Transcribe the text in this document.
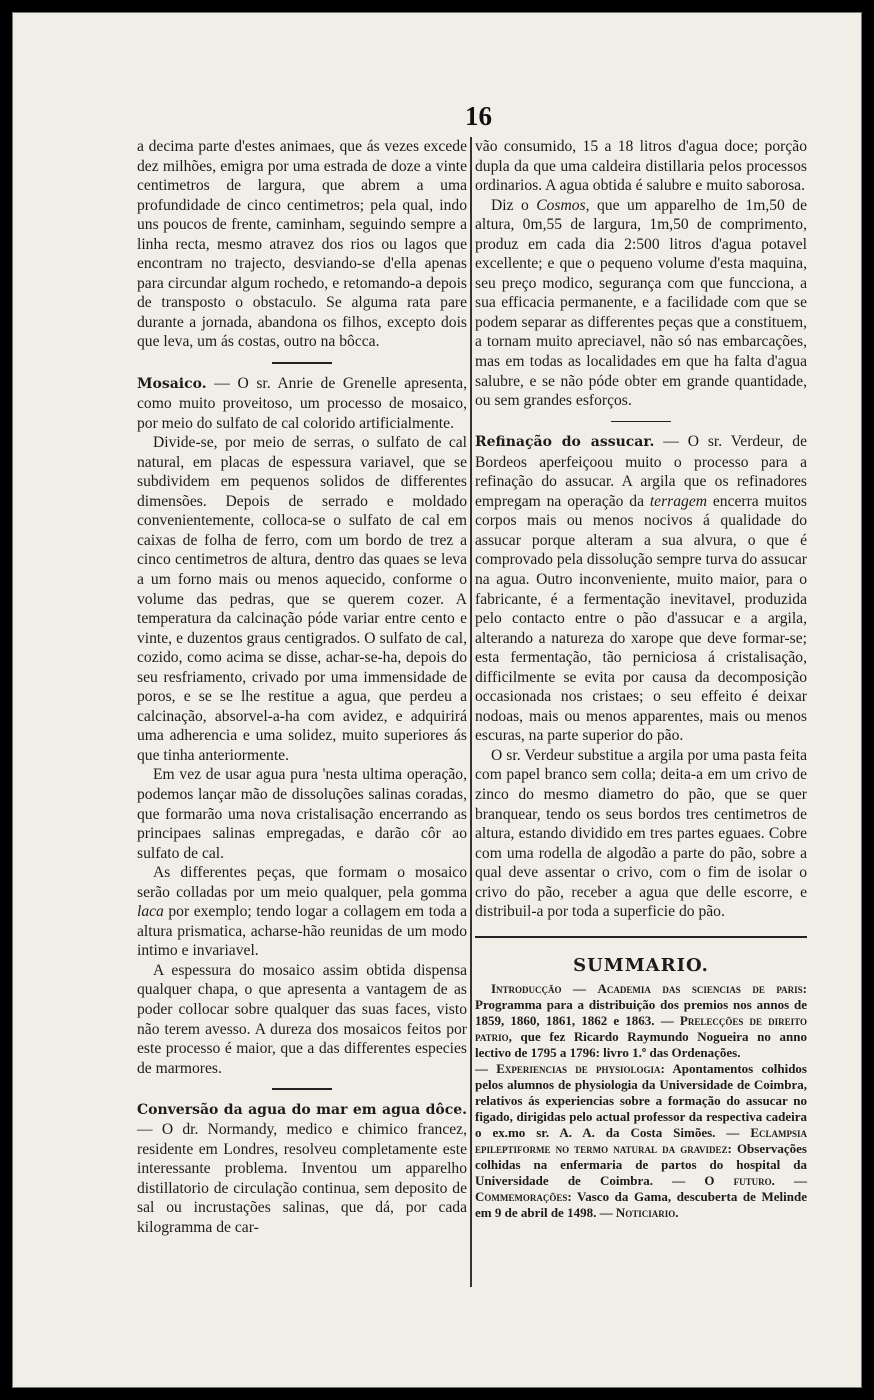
16

a decima parte d'estes animaes, que ás vezes excede dez milhões, emigra por uma estrada de doze a vinte centimetros de largura, que abrem a uma profundidade de cinco centimetros; pela qual, indo uns poucos de frente, caminham, seguindo sempre a linha recta, mesmo atravez dos rios ou lagos que encontram no trajecto, desviando-se d'ella apenas para circundar algum rochedo, e retomando-a depois de transposto o obstaculo. Se alguma rata pare durante a jornada, abandona os filhos, excepto dois que leva, um ás costas, outro na bôcca.

Mosaico. — O sr. Anrie de Grenelle apresenta, como muito proveitoso, um processo de mosaico, por meio do sulfato de cal colorido artificialmente.

Divide-se, por meio de serras, o sulfato de cal natural, em placas de espessura variavel, que se subdividem em pequenos solidos de differentes dimensões. Depois de serrado e moldado convenientemente, colloca-se o sulfato de cal em caixas de folha de ferro, com um bordo de trez a cinco centimetros de altura, dentro das quaes se leva a um forno mais ou menos aquecido, conforme o volume das pedras, que se querem cozer. A temperatura da calcinação póde variar entre cento e vinte, e duzentos graus centigrados. O sulfato de cal, cozido, como acima se disse, achar-se-ha, depois do seu resfriamento, crivado por uma immensidade de poros, e se se lhe restitue a agua, que perdeu a calcinação, absorvel-a-ha com avidez, e adquirirá uma adherencia e uma solidez, muito superiores ás que tinha anteriormente.

Em vez de usar agua pura 'nesta ultima operação, podemos lançar mão de dissoluções salinas coradas, que formarão uma nova cristalisação encerrando as principaes salinas empregadas, e darão côr ao sulfato de cal.

As differentes peças, que formam o mosaico serão colladas por um meio qualquer, pela gomma laca por exemplo; tendo logar a collagem em toda a altura prismatica, acharse-hão reunidas de um modo intimo e invariavel.

A espessura do mosaico assim obtida dispensa qualquer chapa, o que apresenta a vantagem de as poder collocar sobre qualquer das suas faces, visto não terem avesso. A dureza dos mosaicos feitos por este processo é maior, que a das differentes especies de marmores.

Conversão da agua do mar em agua dôce. — O dr. Normandy, medico e chimico francez, residente em Londres, resolveu completamente este interessante problema. Inventou um apparelho distillatorio de circulação continua, sem deposito de sal ou incrustações salinas, que dá, por cada kilogramma de car-

vão consumido, 15 a 18 litros d'agua doce; porção dupla da que uma caldeira distillaria pelos processos ordinarios. A agua obtida é salubre e muito saborosa.

Diz o Cosmos, que um apparelho de 1m,50 de altura, 0m,55 de largura, 1m,50 de comprimento, produz em cada dia 2:500 litros d'agua potavel excellente; e que o pequeno volume d'esta maquina, seu preço modico, segurança com que funcciona, a sua efficacia permanente, e a facilidade com que se podem separar as differentes peças que a constituem, a tornam muito apreciavel, não só nas embarcações, mas em todas as localidades em que ha falta d'agua salubre, e se não póde obter em grande quantidade, ou sem grandes esforços.

Refinação do assucar. — O sr. Verdeur, de Bordeos aperfeiçoou muito o processo para a refinação do assucar. A argila que os refinadores empregam na operação da terragem encerra muitos corpos mais ou menos nocivos á qualidade do assucar porque alteram a sua alvura, o que é comprovado pela dissolução sempre turva do assucar na agua. Outro inconveniente, muito maior, para o fabricante, é a fermentação inevitavel, produzida pelo contacto entre o pão d'assucar e a argila, alterando a natureza do xarope que deve formar-se; esta fermentação, tão perniciosa á cristalisação, difficilmente se evita por causa da decomposição occasionada nos cristaes; o seu effeito é deixar nodoas, mais ou menos apparentes, mais ou menos escuras, na parte superior do pão.

O sr. Verdeur substitue a argila por uma pasta feita com papel branco sem colla; deita-a em um crivo de zinco do mesmo diametro do pão, que se quer branquear, tendo os seus bordos tres centimetros de altura, estando dividido em tres partes eguaes. Cobre com uma rodella de algodão a parte do pão, sobre a qual deve assentar o crivo, com o fim de isolar o crivo do pão, receber a agua que delle escorre, e distribuil-a por toda a superficie do pão.

SUMMARIO.

Introducção — Academia das sciencias de paris: Programma para a distribuição dos premios nos annos de 1859, 1860, 1861, 1862 e 1863. — Prelecções de direito patrio, que fez Ricardo Raymundo Nogueira no anno lectivo de 1795 a 1796: livro 1.º das Ordenações.

— Experiencias de physiologia: Apontamentos colhidos pelos alumnos de physiologia da Universidade de Coimbra, relativos ás experiencias sobre a formação do assucar no figado, dirigidas pelo actual professor da respectiva cadeira o ex.mo sr. A. A. da Costa Simões. — Eclampsia epileptiforme no termo natural da gravidez: Observações colhidas na enfermaria de partos do hospital da Universidade de Coimbra. — O futuro. — Commemorações: Vasco da Gama, descuberta de Melinde em 9 de abril de 1498. — Noticiario.
